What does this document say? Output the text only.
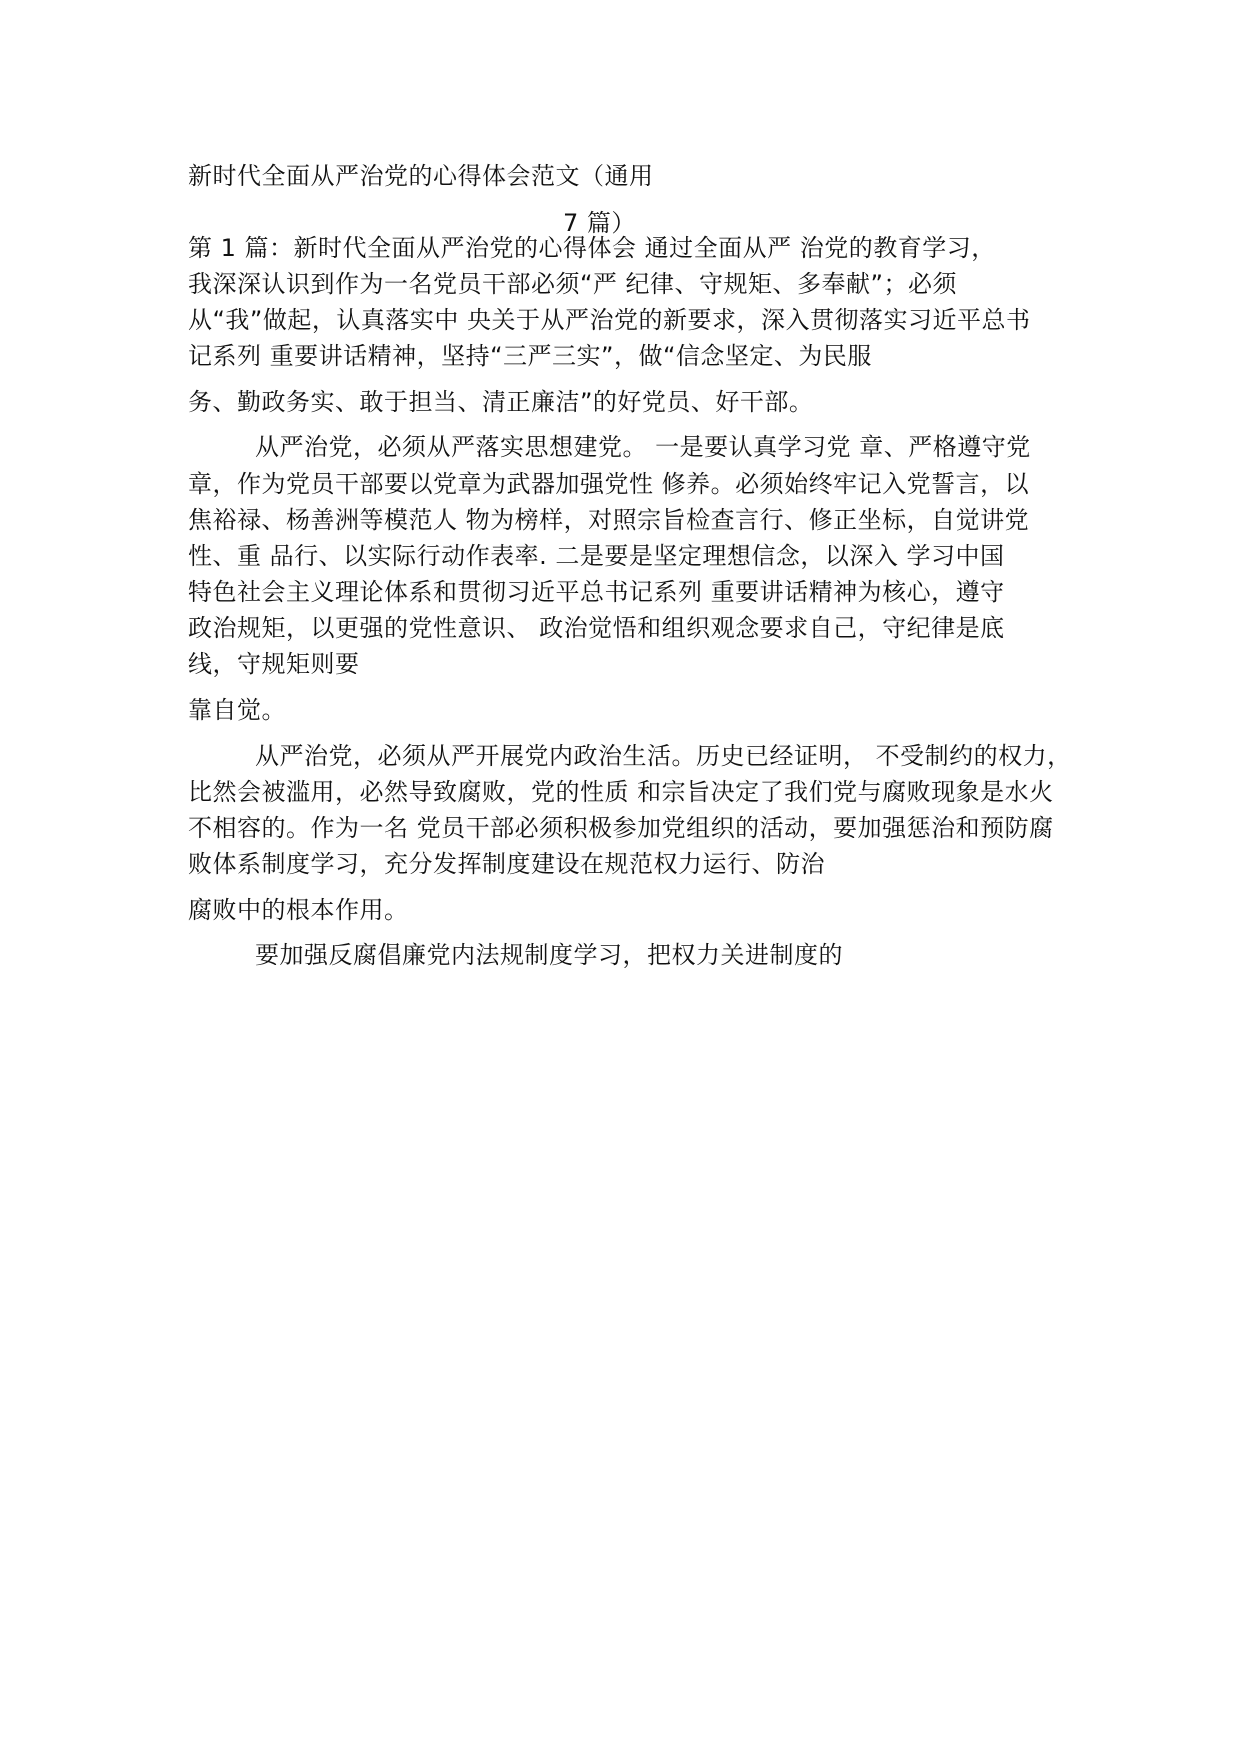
新时代全面从严治党的心得体会范文（通用
7 篇）
第 1 篇：新时代全面从严治党的心得体会 通过全面从严 治党的教育学习，
我深深认识到作为一名党员干部必须“严 纪律、守规矩、多奉献”；必须
从“我”做起，认真落实中 央关于从严治党的新要求，深入贯彻落实习近平总书
记系列 重要讲话精神，坚持“三严三实”，做“信念坚定、为民服
务、勤政务实、敢于担当、清正廉洁”的好党员、好干部。
从严治党，必须从严落实思想建党。 一是要认真学习党 章、严格遵守党
章，作为党员干部要以党章为武器加强党性 修养。必须始终牢记入党誓言，以
焦裕禄、杨善洲等模范人 物为榜样，对照宗旨检查言行、修正坐标，自觉讲党
性、重 品行、以实际行动作表率. 二是要是坚定理想信念，以深入 学习中国
特色社会主义理论体系和贯彻习近平总书记系列 重要讲话精神为核心，遵守
政治规矩，以更强的党性意识、 政治觉悟和组织观念要求自己，守纪律是底
线，守规矩则要
靠自觉。
从严治党，必须从严开展党内政治生活。历史已经证明， 不受制约的权力，
比然会被滥用，必然导致腐败，党的性质 和宗旨决定了我们党与腐败现象是水火
不相容的。作为一名 党员干部必须积极参加党组织的活动，要加强惩治和预防腐
败体系制度学习，充分发挥制度建设在规范权力运行、防治
腐败中的根本作用。
要加强反腐倡廉党内法规制度学习，把权力关进制度的
